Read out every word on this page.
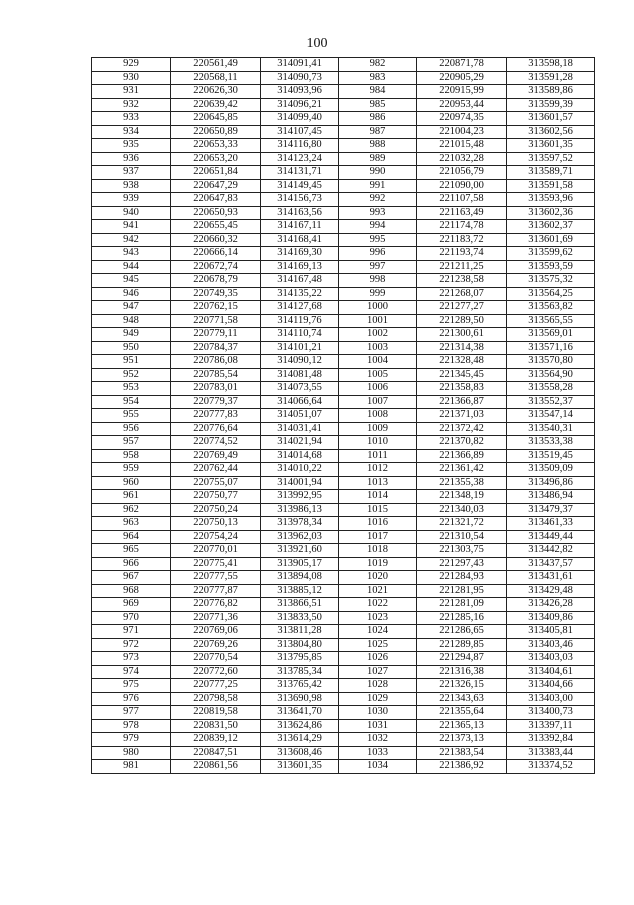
100
929	220561,49	314091,41	982	220871,78	313598,18
930	220568,11	314090,73	983	220905,29	313591,28
931	220626,30	314093,96	984	220915,99	313589,86
932	220639,42	314096,21	985	220953,44	313599,39
933	220645,85	314099,40	986	220974,35	313601,57
934	220650,89	314107,45	987	221004,23	313602,56
935	220653,33	314116,80	988	221015,48	313601,35
936	220653,20	314123,24	989	221032,28	313597,52
937	220651,84	314131,71	990	221056,79	313589,71
938	220647,29	314149,45	991	221090,00	313591,58
939	220647,83	314156,73	992	221107,58	313593,96
940	220650,93	314163,56	993	221163,49	313602,36
941	220655,45	314167,11	994	221174,78	313602,37
942	220660,32	314168,41	995	221183,72	313601,69
943	220666,14	314169,30	996	221193,74	313599,62
944	220672,74	314169,13	997	221211,25	313593,59
945	220678,79	314167,48	998	221238,58	313575,32
946	220749,35	314135,22	999	221268,07	313564,25
947	220762,15	314127,68	1000	221277,27	313563,82
948	220771,58	314119,76	1001	221289,50	313565,55
949	220779,11	314110,74	1002	221300,61	313569,01
950	220784,37	314101,21	1003	221314,38	313571,16
951	220786,08	314090,12	1004	221328,48	313570,80
952	220785,54	314081,48	1005	221345,45	313564,90
953	220783,01	314073,55	1006	221358,83	313558,28
954	220779,37	314066,64	1007	221366,87	313552,37
955	220777,83	314051,07	1008	221371,03	313547,14
956	220776,64	314031,41	1009	221372,42	313540,31
957	220774,52	314021,94	1010	221370,82	313533,38
958	220769,49	314014,68	1011	221366,89	313519,45
959	220762,44	314010,22	1012	221361,42	313509,09
960	220755,07	314001,94	1013	221355,38	313496,86
961	220750,77	313992,95	1014	221348,19	313486,94
962	220750,24	313986,13	1015	221340,03	313479,37
963	220750,13	313978,34	1016	221321,72	313461,33
964	220754,24	313962,03	1017	221310,54	313449,44
965	220770,01	313921,60	1018	221303,75	313442,82
966	220775,41	313905,17	1019	221297,43	313437,57
967	220777,55	313894,08	1020	221284,93	313431,61
968	220777,87	313885,12	1021	221281,95	313429,48
969	220776,82	313866,51	1022	221281,09	313426,28
970	220771,36	313833,50	1023	221285,16	313409,86
971	220769,06	313811,28	1024	221286,65	313405,81
972	220769,26	313804,80	1025	221289,85	313403,46
973	220770,54	313795,85	1026	221294,87	313403,03
974	220772,60	313785,34	1027	221316,38	313404,61
975	220777,25	313765,42	1028	221326,15	313404,66
976	220798,58	313690,98	1029	221343,63	313403,00
977	220819,58	313641,70	1030	221355,64	313400,73
978	220831,50	313624,86	1031	221365,13	313397,11
979	220839,12	313614,29	1032	221373,13	313392,84
980	220847,51	313608,46	1033	221383,54	313383,44
981	220861,56	313601,35	1034	221386,92	313374,52
